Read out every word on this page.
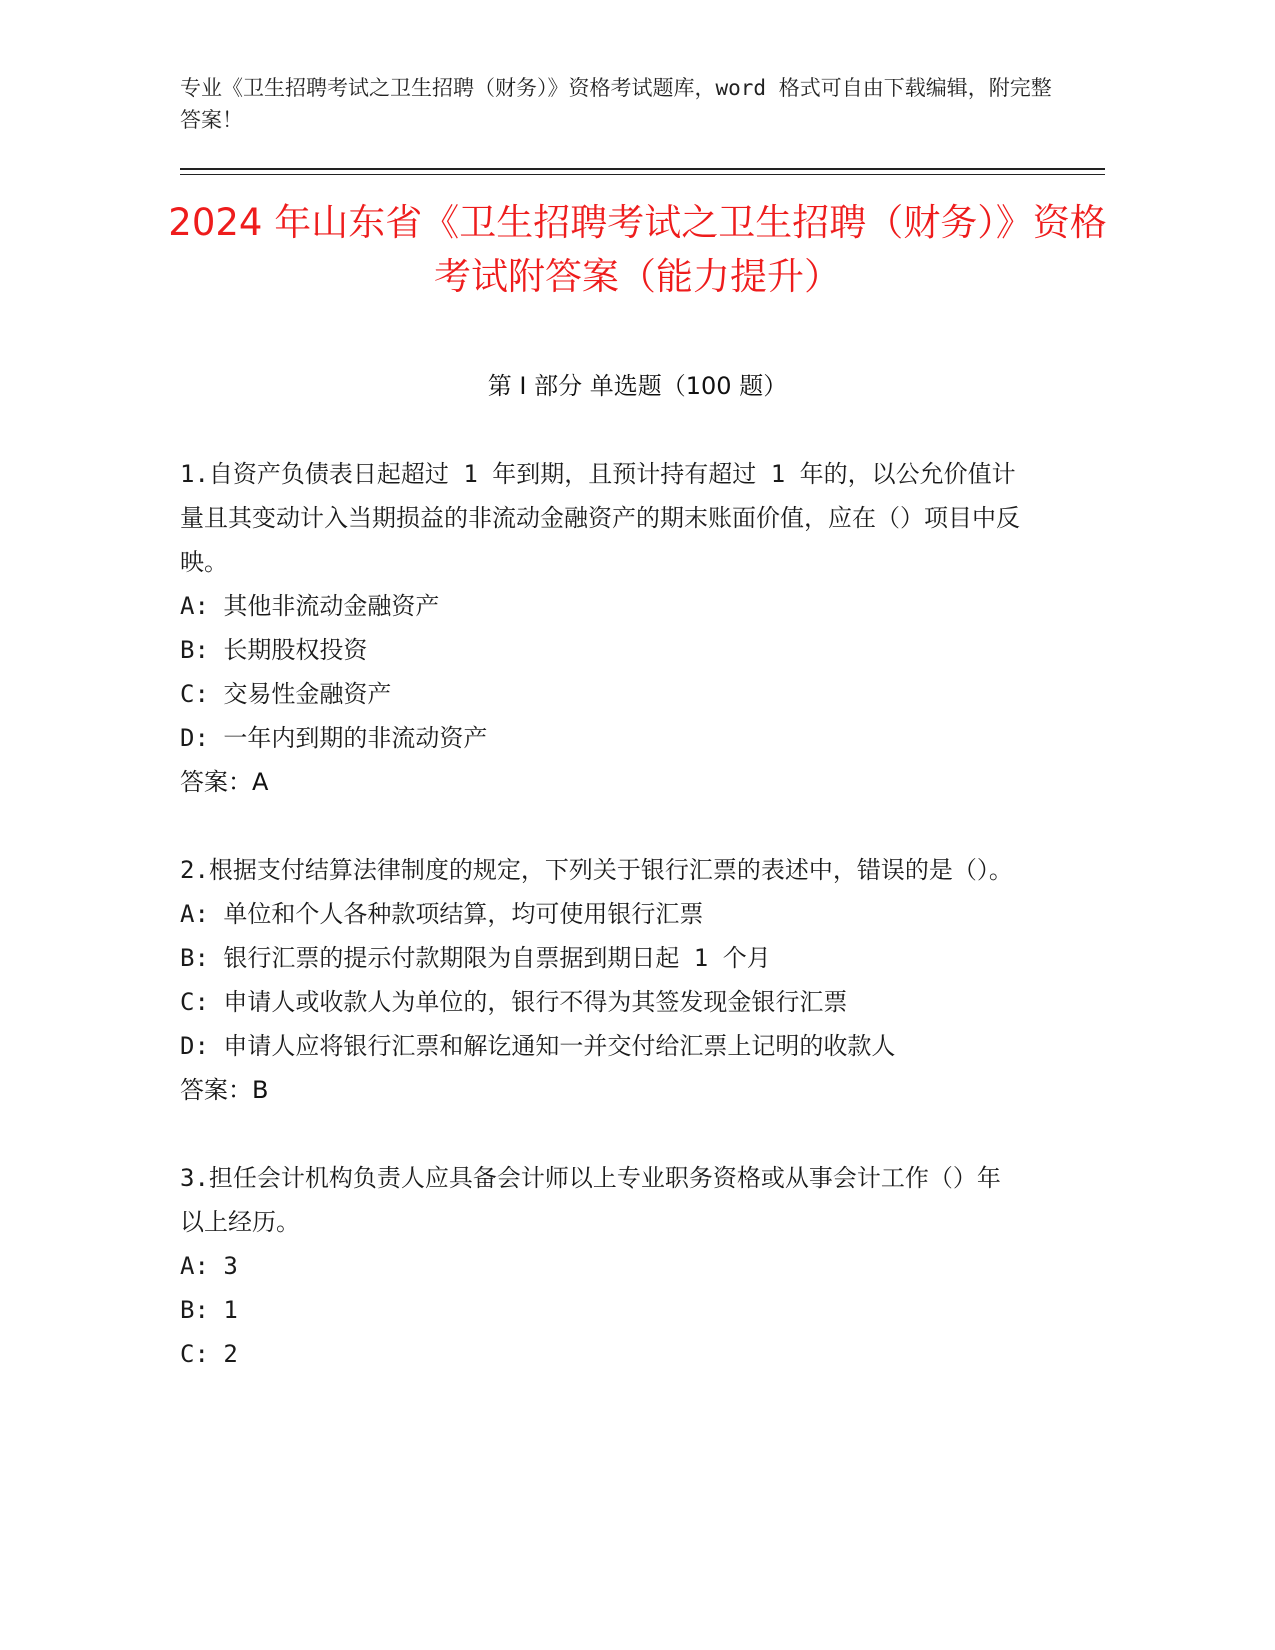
专业《卫生招聘考试之卫生招聘（财务）》资格考试题库，word 格式可自由下载编辑，附完整答案！
2024 年山东省《卫生招聘考试之卫生招聘（财务）》资格考试附答案（能力提升）
第 I 部分 单选题（100 题）

1.自资产负债表日起超过 1 年到期，且预计持有超过 1 年的，以公允价值计量且其变动计入当期损益的非流动金融资产的期末账面价值，应在（）项目中反映。

A: 其他非流动金融资产
B: 长期股权投资
C: 交易性金融资产
D: 一年内到期的非流动资产
答案：A

2.根据支付结算法律制度的规定，下列关于银行汇票的表述中，错误的是（）。

A: 单位和个人各种款项结算，均可使用银行汇票
B: 银行汇票的提示付款期限为自票据到期日起 1 个月
C: 申请人或收款人为单位的，银行不得为其签发现金银行汇票
D: 申请人应将银行汇票和解讫通知一并交付给汇票上记明的收款人
答案：B

3.担任会计机构负责人应具备会计师以上专业职务资格或从事会计工作（）年以上经历。

A: 3
B: 1
C: 2
